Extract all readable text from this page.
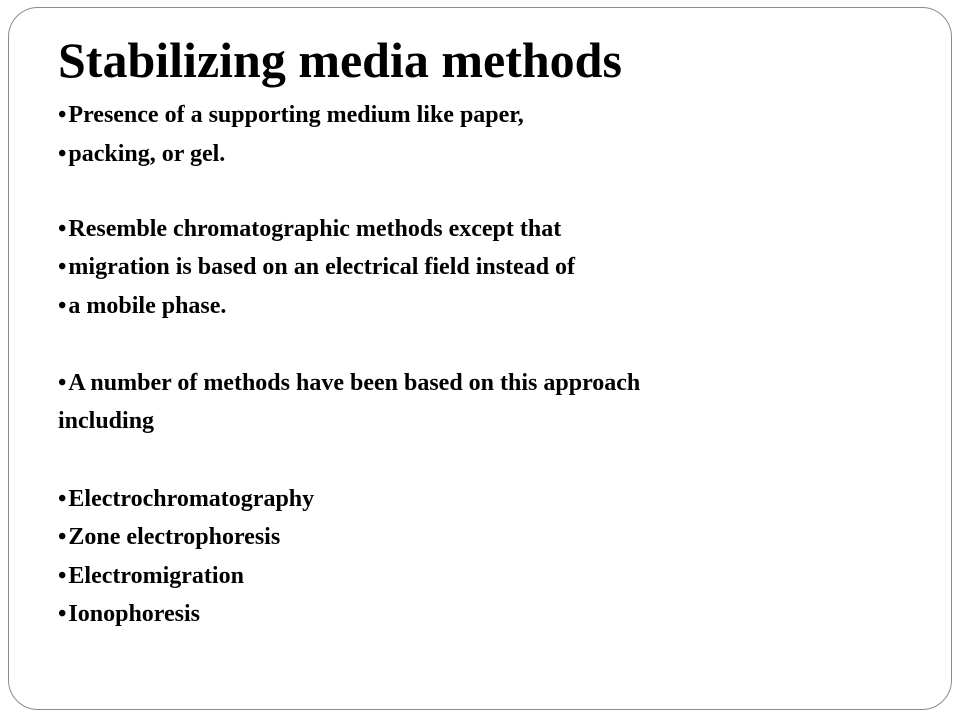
Stabilizing media methods
•Presence of a supporting medium like paper,
•packing, or gel.
•Resemble chromatographic methods except that
•migration is based on an electrical field instead of
•a mobile phase.
•A number of methods have been based on this approach
including
•Electrochromatography
•Zone electrophoresis
•Electromigration
•Ionophoresis
